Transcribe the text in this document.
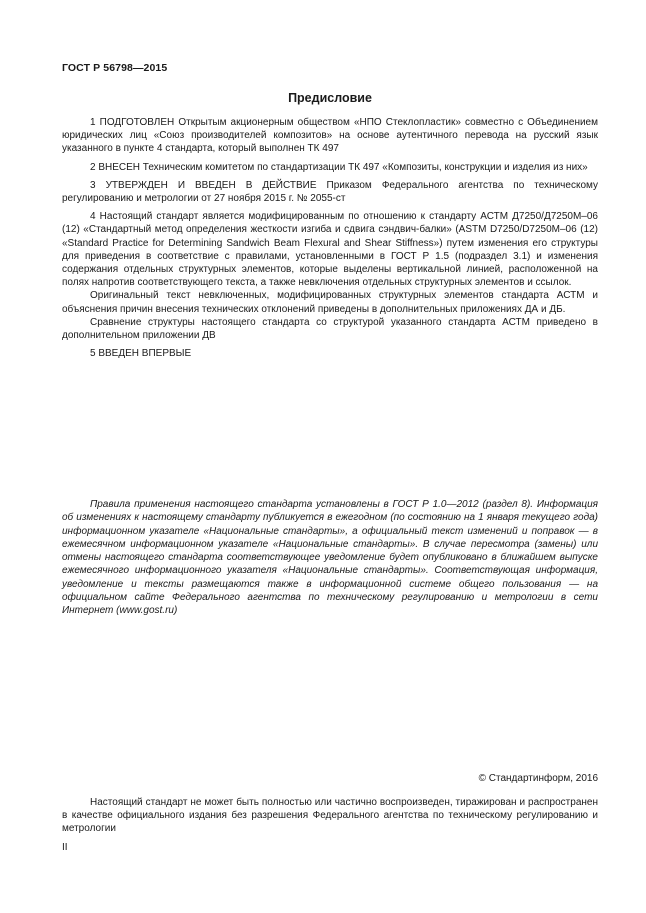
ГОСТ Р 56798—2015
Предисловие

1 ПОДГОТОВЛЕН Открытым акционерным обществом «НПО Стеклопластик» совместно с Объединением юридических лиц «Союз производителей композитов» на основе аутентичного перевода на русский язык указанного в пункте 4 стандарта, который выполнен ТК 497

2 ВНЕСЕН Техническим комитетом по стандартизации ТК 497 «Композиты, конструкции и изделия из них»

3 УТВЕРЖДЕН И ВВЕДЕН В ДЕЙСТВИЕ Приказом Федерального агентства по техническому регулированию и метрологии от 27 ноября 2015 г. № 2055-ст

4 Настоящий стандарт является модифицированным по отношению к стандарту АСТМ Д7250/Д7250М–06 (12) «Стандартный метод определения жесткости изгиба и сдвига сэндвич-балки» (ASTM D7250/D7250M–06 (12) «Standard Practice for Determining Sandwich Beam Flexural and Shear Stiffness») путем изменения его структуры для приведения в соответствие с правилами, установленными в ГОСТ Р 1.5 (подраздел 3.1) и изменения содержания отдельных структурных элементов, которые выделены вертикальной линией, расположенной на полях напротив соответствующего текста, а также невключения отдельных структурных элементов и ссылок.

Оригинальный текст невключенных, модифицированных структурных элементов стандарта АСТМ и объяснения причин внесения технических отклонений приведены в дополнительных приложениях ДА и ДБ.

Сравнение структуры настоящего стандарта со структурой указанного стандарта АСТМ приведено в дополнительном приложении ДВ

5 ВВЕДЕН ВПЕРВЫЕ

Правила применения настоящего стандарта установлены в ГОСТ Р 1.0—2012 (раздел 8). Информация об изменениях к настоящему стандарту публикуется в ежегодном (по состоянию на 1 января текущего года) информационном указателе «Национальные стандарты», а официальный текст изменений и поправок — в ежемесячном информационном указателе «Национальные стандарты». В случае пересмотра (замены) или отмены настоящего стандарта соответствующее уведомление будет опубликовано в ближайшем выпуске ежемесячного информационного указателя «Национальные стандарты». Соответствующая информация, уведомление и тексты размещаются также в информационной системе общего пользования — на официальном сайте Федерального агентства по техническому регулированию и метрологии в сети Интернет (www.gost.ru)

© Стандартинформ, 2016

Настоящий стандарт не может быть полностью или частично воспроизведен, тиражирован и распространен в качестве официального издания без разрешения Федерального агентства по техническому регулированию и метрологии

II
